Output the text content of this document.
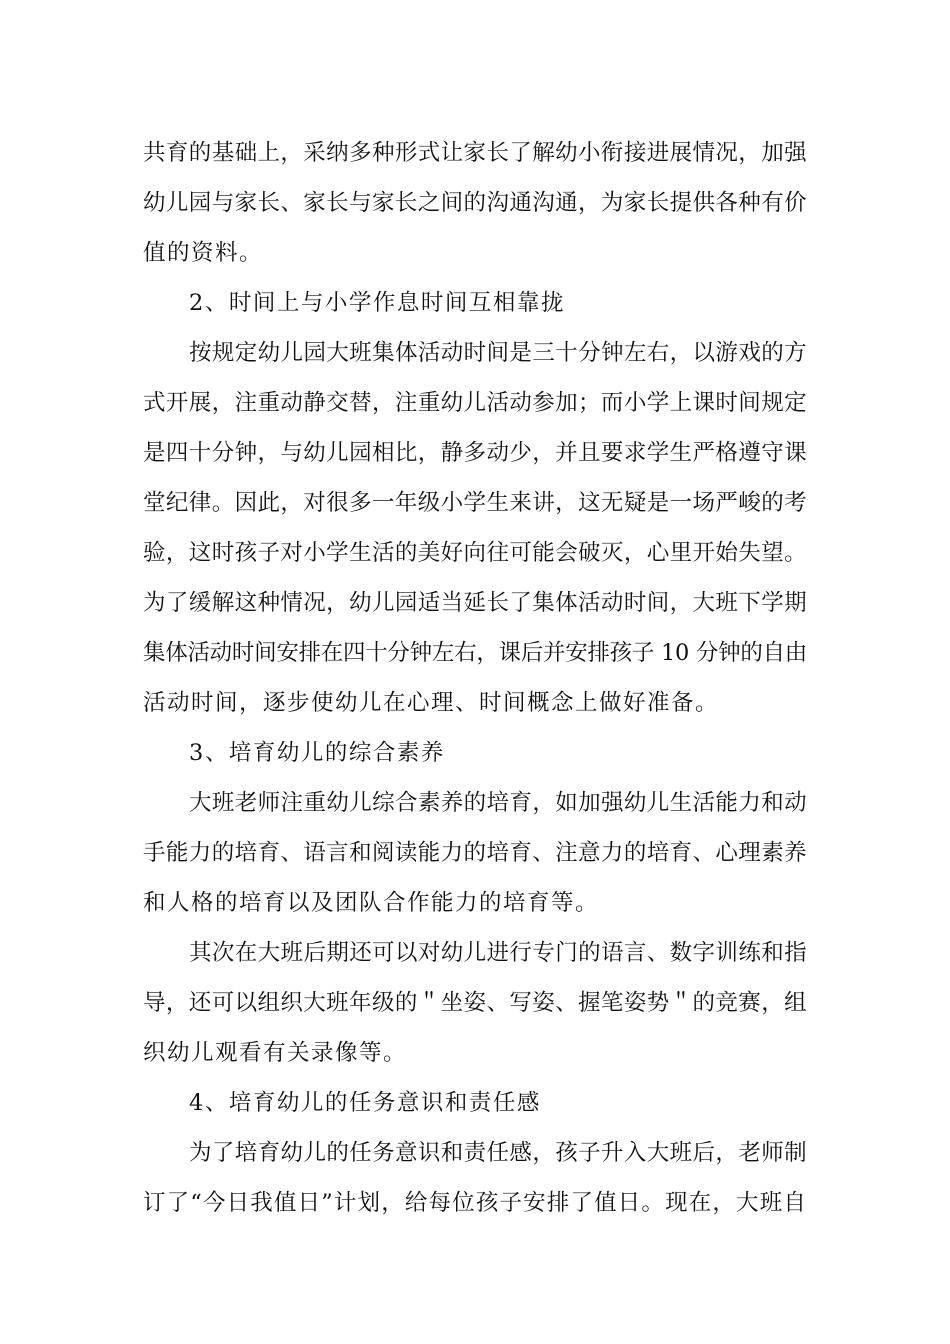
共育的基础上，采纳多种形式让家长了解幼小衔接进展情况，加强

幼儿园与家长、家长与家长之间的沟通沟通，为家长提供各种有价

值的资料。

2、时间上与小学作息时间互相靠拢

按规定幼儿园大班集体活动时间是三十分钟左右，以游戏的方

式开展，注重动静交替，注重幼儿活动参加；而小学上课时间规定

是四十分钟，与幼儿园相比，静多动少，并且要求学生严格遵守课

堂纪律。因此，对很多一年级小学生来讲，这无疑是一场严峻的考

验，这时孩子对小学生活的美好向往可能会破灭，心里开始失望。

为了缓解这种情况，幼儿园适当延长了集体活动时间，大班下学期

集体活动时间安排在四十分钟左右，课后并安排孩子 10 分钟的自由

活动时间，逐步使幼儿在心理、时间概念上做好准备。

3、培育幼儿的综合素养

大班老师注重幼儿综合素养的培育，如加强幼儿生活能力和动

手能力的培育、语言和阅读能力的培育、注意力的培育、心理素养

和人格的培育以及团队合作能力的培育等。

其次在大班后期还可以对幼儿进行专门的语言、数字训练和指

导，还可以组织大班年级的＂坐姿、写姿、握笔姿势＂的竞赛，组

织幼儿观看有关录像等。

4、培育幼儿的任务意识和责任感

为了培育幼儿的任务意识和责任感，孩子升入大班后，老师制

订了“今日我值日”计划，给每位孩子安排了值日。现在，大班自
